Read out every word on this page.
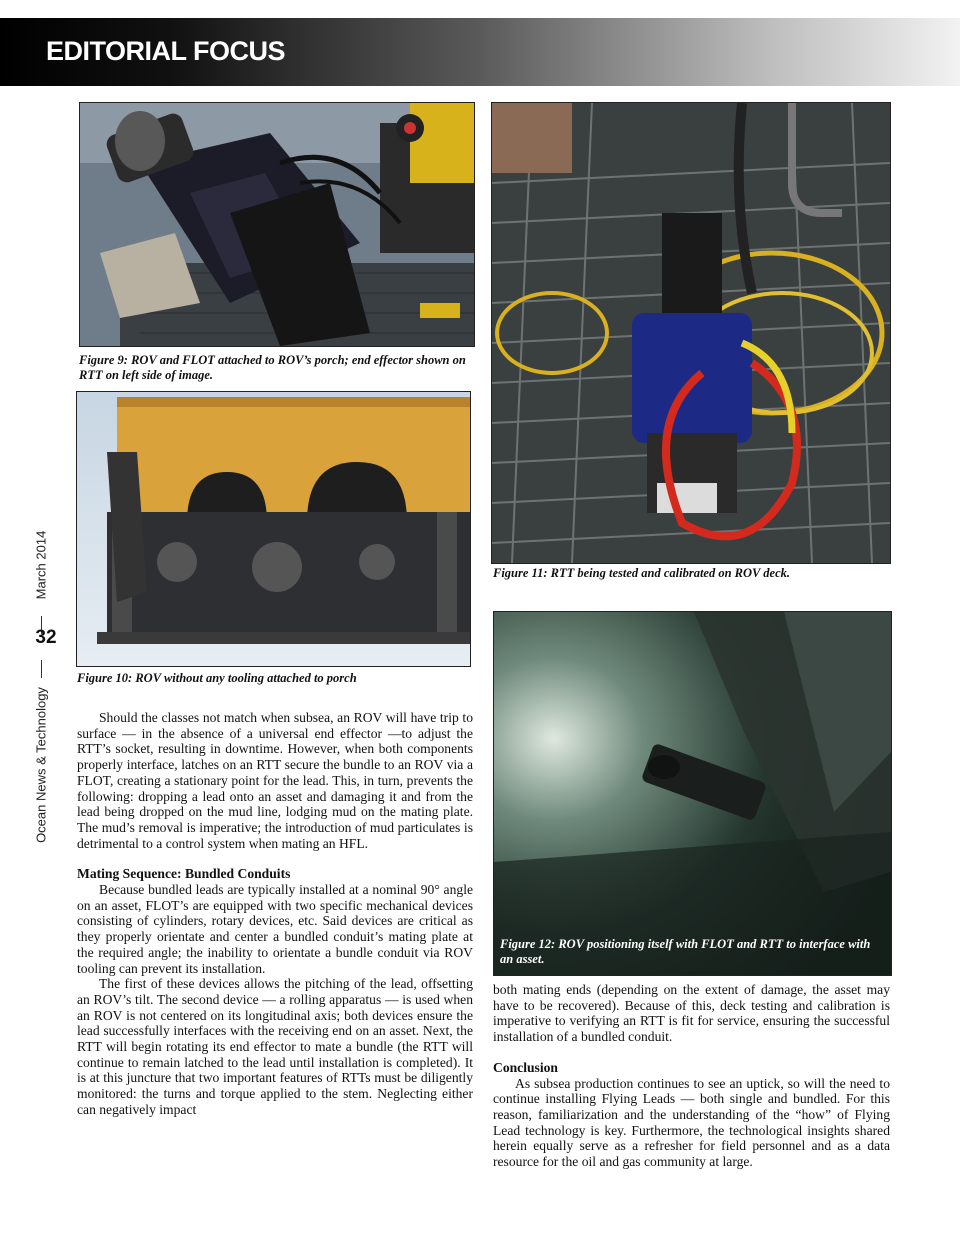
EDITORIAL FOCUS
March 2014
Ocean News & Technology
32
Figure 9: ROV and FLOT attached to ROV’s porch; end effector shown on RTT on left side of image.
Figure 10: ROV without any tooling attached to porch
Figure 11: RTT being tested and calibrated on ROV deck.
Figure 12: ROV positioning itself with FLOT and RTT to interface with an asset.

Should the classes not match when subsea, an ROV will have trip to surface — in the absence of a universal end effector —to adjust the RTT’s socket, resulting in downtime. However, when both components properly interface, latches on an RTT secure the bundle to an ROV via a FLOT, creating a stationary point for the lead. This, in turn, prevents the following: dropping a lead onto an asset and damaging it and from the lead being dropped on the mud line, lodging mud on the mating plate. The mud’s removal is imperative; the introduction of mud particulates is detrimental to a control system when mating an HFL.

Mating Sequence: Bundled Conduits

Because bundled leads are typically installed at a nominal 90° angle on an asset, FLOT’s are equipped with two specific mechanical devices consisting of cylinders, rotary devices, etc. Said devices are critical as they properly orientate and center a bundled conduit’s mating plate at the required angle; the inability to orientate a bundle conduit via ROV tooling can prevent its installation.

The first of these devices allows the pitching of the lead, offsetting an ROV’s tilt. The second device — a rolling apparatus — is used when an ROV is not centered on its longitudinal axis; both devices ensure the lead successfully interfaces with the receiving end on an asset. Next, the RTT will begin rotating its end effector to mate a bundle (the RTT will continue to remain latched to the lead until installation is completed). It is at this juncture that two important features of RTTs must be diligently monitored: the turns and torque applied to the stem. Neglecting either can negatively impact

both mating ends (depending on the extent of damage, the asset may have to be recovered). Because of this, deck testing and calibration is imperative to verifying an RTT is fit for service, ensuring the successful installation of a bundled conduit.

Conclusion

As subsea production continues to see an uptick, so will the need to continue installing Flying Leads — both single and bundled. For this reason, familiarization and the understanding of the “how” of Flying Lead technology is key. Furthermore, the technological insights shared herein equally serve as a refresher for field personnel and as a data resource for the oil and gas community at large.
